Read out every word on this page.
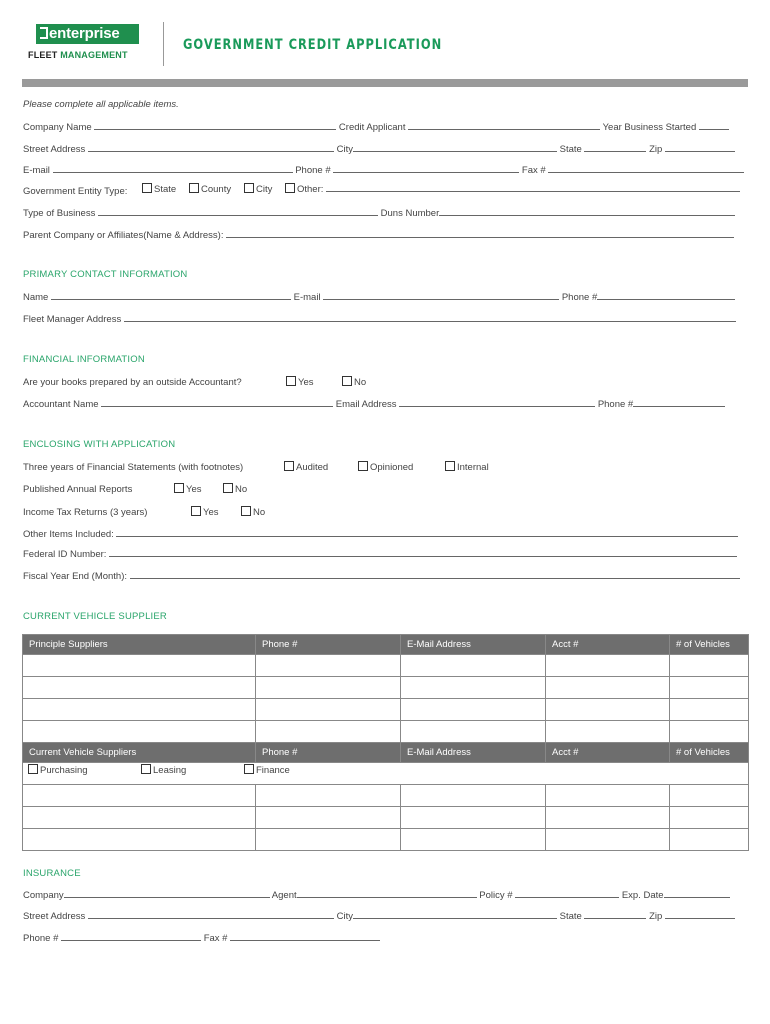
enterprise
FLEET MANAGEMENT
GOVERNMENT CREDIT APPLICATION
Please complete all applicable items.
Company Name	Credit Applicant	Year Business Started
Street Address	City	State	Zip
E-mail	Phone #	Fax #
Government Entity Type:	State	County	City	Other:
Type of Business	Duns Number
Parent Company or Affiliates(Name & Address):
PRIMARY CONTACT INFORMATION
Name	E-mail	Phone #
Fleet Manager Address
FINANCIAL INFORMATION
Are your books prepared by an outside Accountant?	Yes	No
Accountant Name	Email Address	Phone #
ENCLOSING WITH APPLICATION
Three years of Financial Statements (with footnotes)	Audited	Opinioned	Internal
Published Annual Reports	Yes	No
Income Tax Returns (3 years)	Yes	No
Other Items Included:
Federal ID Number:
Fiscal Year End (Month):
CURRENT VEHICLE SUPPLIER
Principle Suppliers	Phone #	E-Mail Address	Acct #	# of Vehicles

Current Vehicle Suppliers	Phone #	E-Mail Address	Acct #	# of Vehicles

Purchasing	Leasing	Finance
INSURANCE
Company	Agent	Policy #	Exp. Date
Street Address	City	State	Zip
Phone #	Fax #
